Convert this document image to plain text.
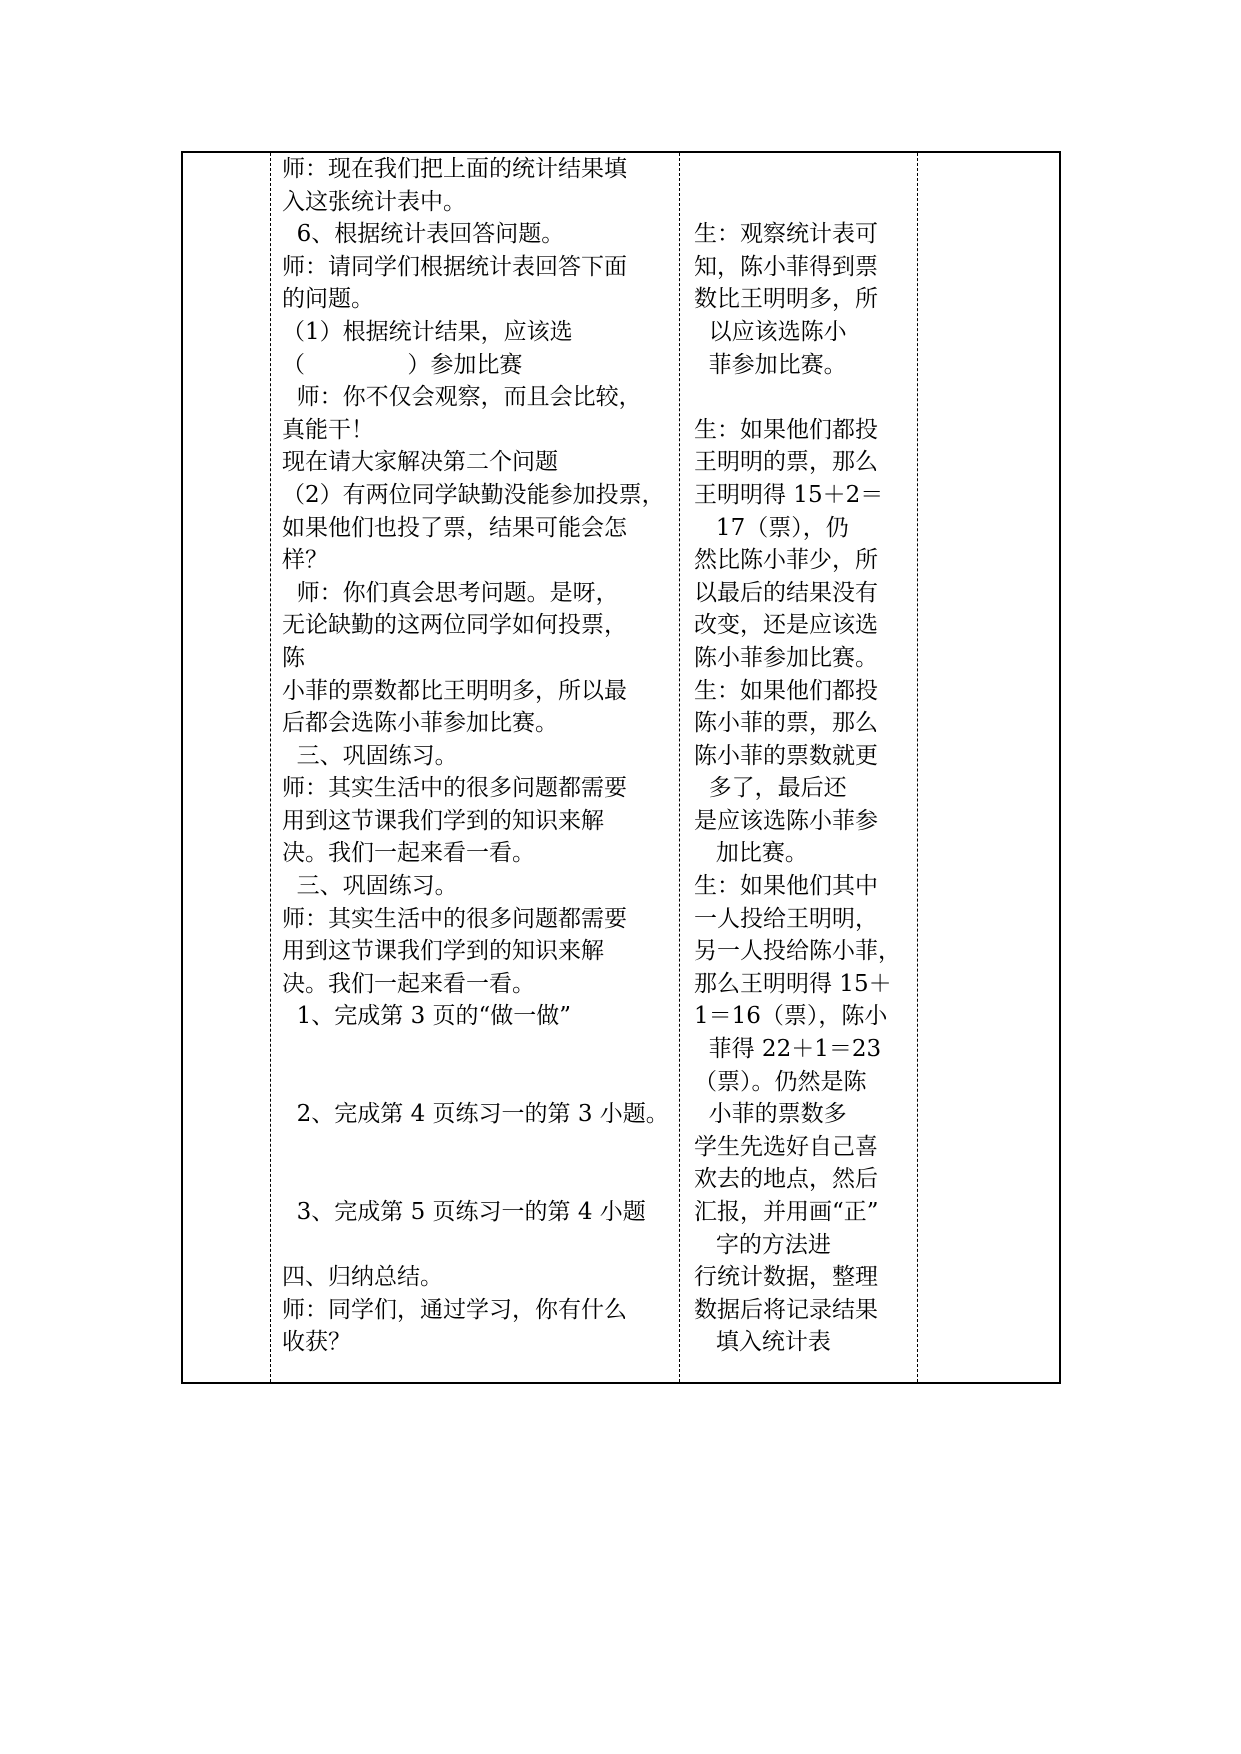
师：现在我们把上面的统计结果填
入这张统计表中。
6、根据统计表回答问题。
师：请同学们根据统计表回答下面
的问题。
（1）根据统计结果，应该选
（              ）参加比赛
师：你不仅会观察，而且会比较，
真能干！
现在请大家解决第二个问题
（2）有两位同学缺勤没能参加投票，
如果他们也投了票，结果可能会怎
样？
师：你们真会思考问题。是呀，
无论缺勤的这两位同学如何投票，
陈
小菲的票数都比王明明多，所以最
后都会选陈小菲参加比赛。
三、巩固练习。
师：其实生活中的很多问题都需要
用到这节课我们学到的知识来解
决。我们一起来看一看。
三、巩固练习。
师：其实生活中的很多问题都需要
用到这节课我们学到的知识来解
决。我们一起来看一看。
1、完成第 3 页的“做一做”
2、完成第 4 页练习一的第 3 小题。
3、完成第 5 页练习一的第 4 小题
四、归纳总结。
师：同学们，通过学习，你有什么
收获？
生：观察统计表可
知，陈小菲得到票
数比王明明多，所
以应该选陈小
菲参加比赛。
生：如果他们都投
王明明的票，那么
王明明得 15＋2＝
17（票），仍
然比陈小菲少，所
以最后的结果没有
改变，还是应该选
陈小菲参加比赛。
生：如果他们都投
陈小菲的票，那么
陈小菲的票数就更
多了，最后还
是应该选陈小菲参
加比赛。
生：如果他们其中
一人投给王明明，
另一人投给陈小菲，
那么王明明得 15＋
1＝16（票），陈小
菲得 22＋1＝23
（票）。仍然是陈
小菲的票数多
学生先选好自己喜
欢去的地点，然后
汇报，并用画“正”
字的方法进
行统计数据，整理
数据后将记录结果
填入统计表
